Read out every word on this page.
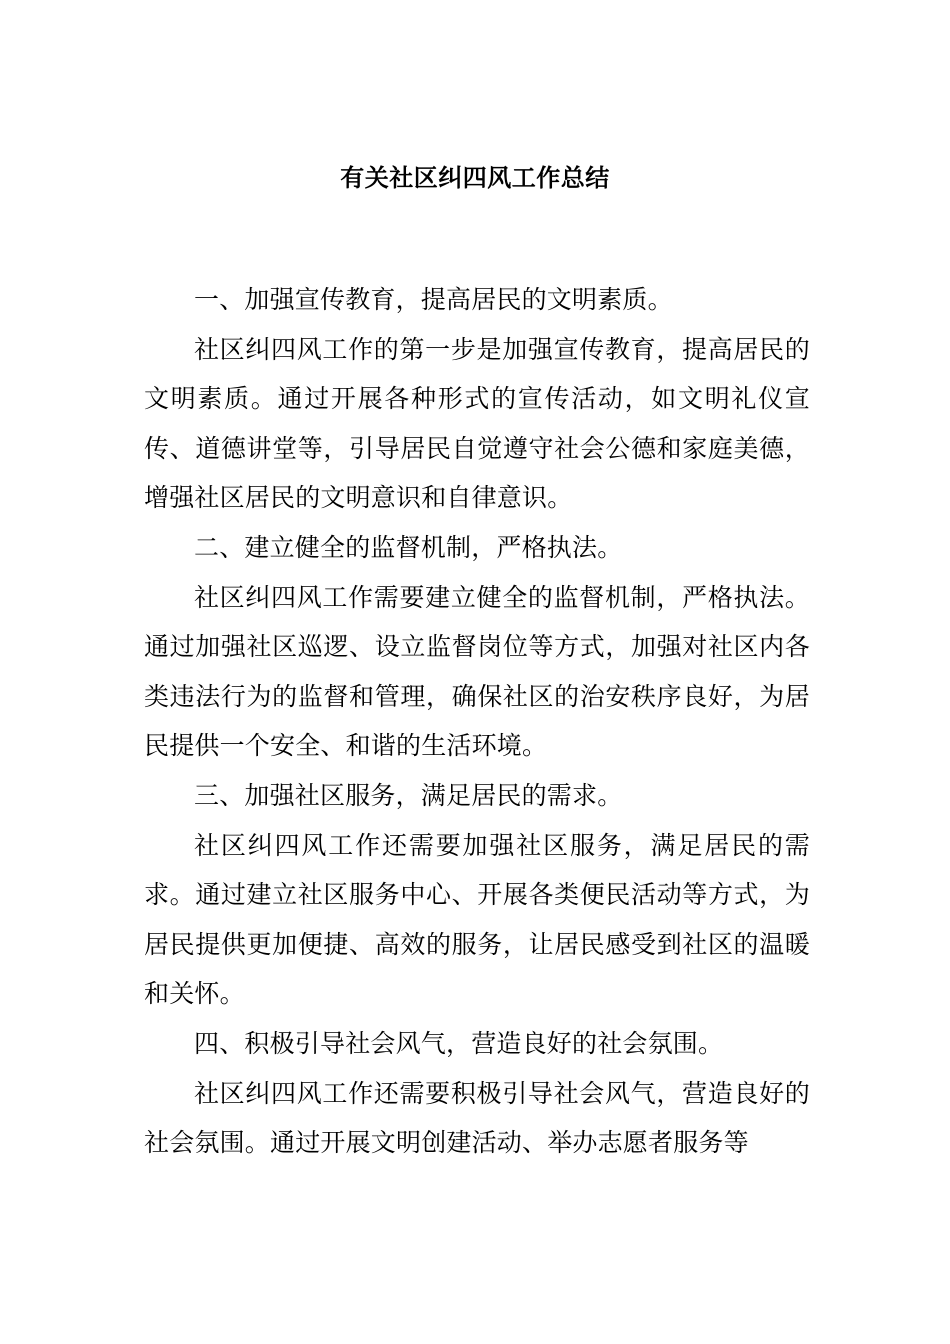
有关社区纠四风工作总结

一、加强宣传教育，提高居民的文明素质。

社区纠四风工作的第一步是加强宣传教育，提高居民的文明素质。通过开展各种形式的宣传活动，如文明礼仪宣传、道德讲堂等，引导居民自觉遵守社会公德和家庭美德，增强社区居民的文明意识和自律意识。

二、建立健全的监督机制，严格执法。

社区纠四风工作需要建立健全的监督机制，严格执法。通过加强社区巡逻、设立监督岗位等方式，加强对社区内各类违法行为的监督和管理，确保社区的治安秩序良好，为居民提供一个安全、和谐的生活环境。

三、加强社区服务，满足居民的需求。

社区纠四风工作还需要加强社区服务，满足居民的需求。通过建立社区服务中心、开展各类便民活动等方式，为居民提供更加便捷、高效的服务，让居民感受到社区的温暖和关怀。

四、积极引导社会风气，营造良好的社会氛围。

社区纠四风工作还需要积极引导社会风气，营造良好的社会氛围。通过开展文明创建活动、举办志愿者服务等
